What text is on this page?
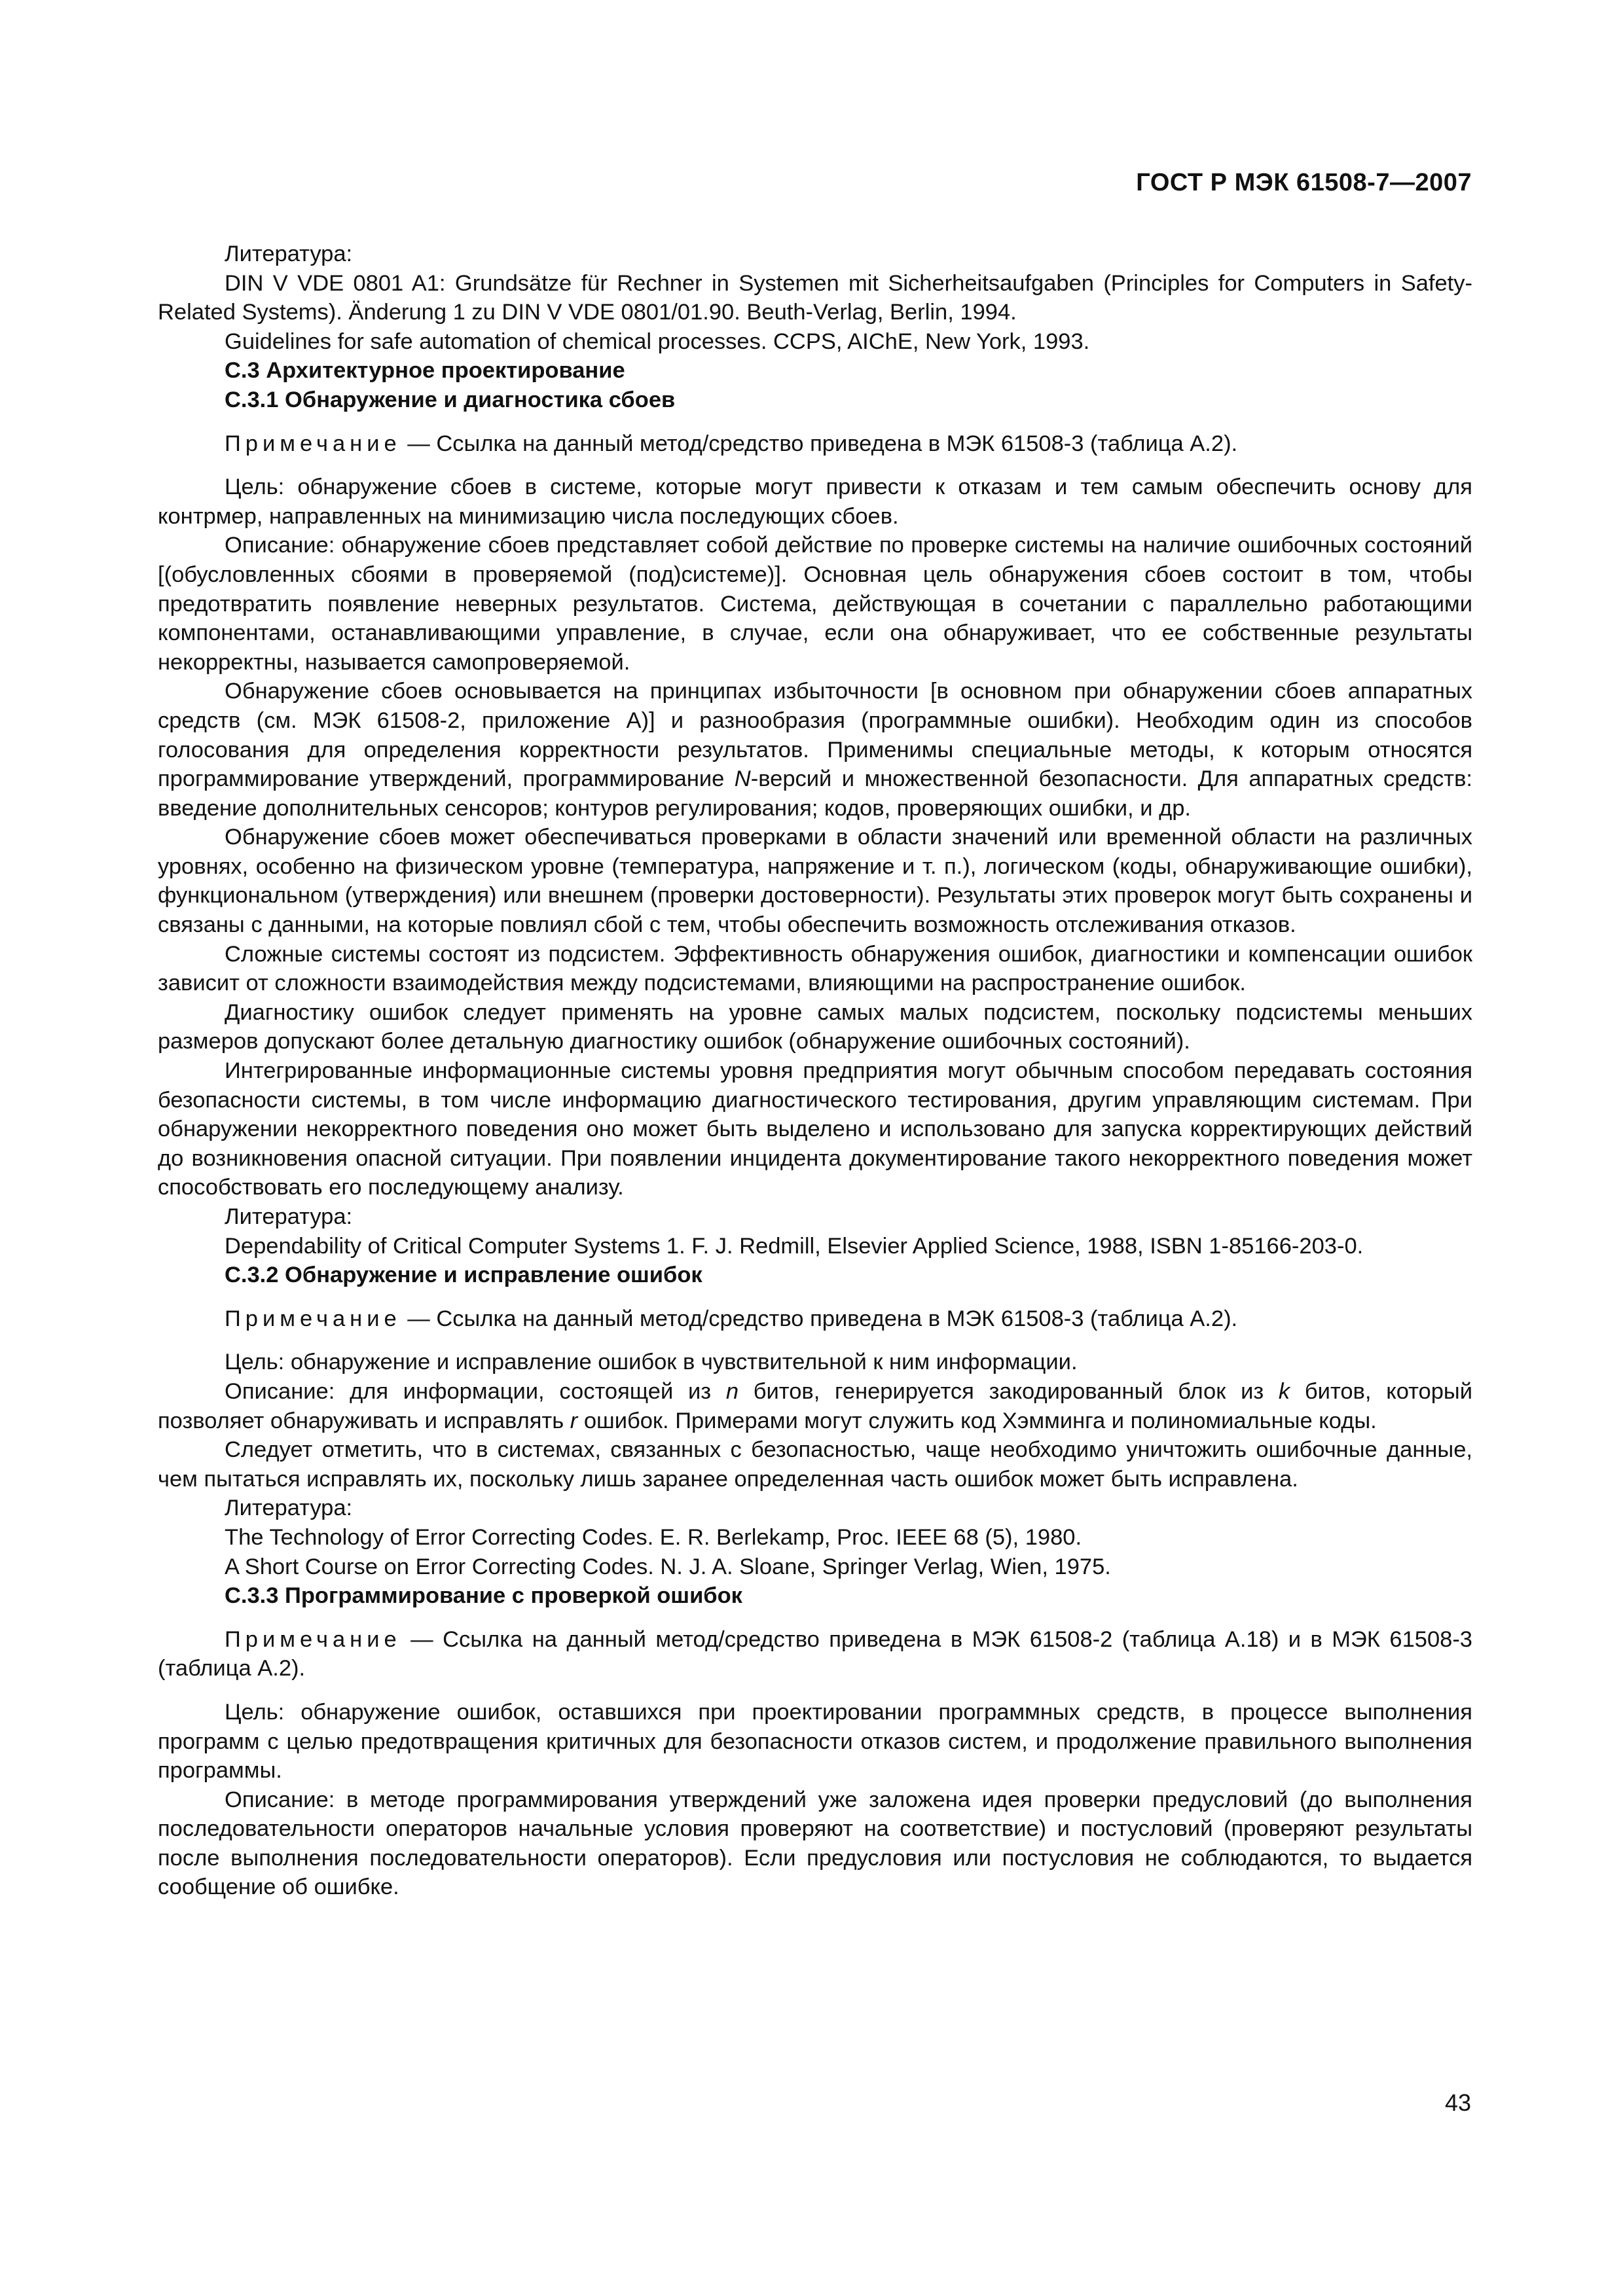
ГОСТ Р МЭК 61508-7—2007

Литература:

DIN V VDE 0801 A1: Grundsätze für Rechner in Systemen mit Sicherheitsaufgaben (Principles for Computers in Safety-Related Systems). Änderung 1 zu DIN V VDE 0801/01.90. Beuth-Verlag, Berlin, 1994.

Guidelines for safe automation of chemical processes. CCPS, AIChE, New York, 1993.

С.3 Архитектурное проектирование
С.3.1 Обнаружение и диагностика сбоев

Примечание — Ссылка на данный метод/средство приведена в МЭК 61508-3 (таблица А.2).

Цель: обнаружение сбоев в системе, которые могут привести к отказам и тем самым обеспечить основу для контрмер, направленных на минимизацию числа последующих сбоев.

Описание: обнаружение сбоев представляет собой действие по проверке системы на наличие ошибочных состояний [(обусловленных сбоями в проверяемой (под)системе)]. Основная цель обнаружения сбоев состоит в том, чтобы предотвратить появление неверных результатов. Система, действующая в сочетании с параллельно работающими компонентами, останавливающими управление, в случае, если она обнаруживает, что ее собственные результаты некорректны, называется самопроверяемой.

Обнаружение сбоев основывается на принципах избыточности [в основном при обнаружении сбоев аппаратных средств (см. МЭК 61508-2, приложение А)] и разнообразия (программные ошибки). Необходим один из способов голосования для определения корректности результатов. Применимы специальные методы, к которым относятся программирование утверждений, программирование N-версий и множественной безопасности. Для аппаратных средств: введение дополнительных сенсоров; контуров регулирования; кодов, проверяющих ошибки, и др.

Обнаружение сбоев может обеспечиваться проверками в области значений или временной области на различных уровнях, особенно на физическом уровне (температура, напряжение и т. п.), логическом (коды, обнаруживающие ошибки), функциональном (утверждения) или внешнем (проверки достоверности). Результаты этих проверок могут быть сохранены и связаны с данными, на которые повлиял сбой с тем, чтобы обеспечить возможность отслеживания отказов.

Сложные системы состоят из подсистем. Эффективность обнаружения ошибок, диагностики и компенсации ошибок зависит от сложности взаимодействия между подсистемами, влияющими на распространение ошибок.

Диагностику ошибок следует применять на уровне самых малых подсистем, поскольку подсистемы меньших размеров допускают более детальную диагностику ошибок (обнаружение ошибочных состояний).

Интегрированные информационные системы уровня предприятия могут обычным способом передавать состояния безопасности системы, в том числе информацию диагностического тестирования, другим управляющим системам. При обнаружении некорректного поведения оно может быть выделено и использовано для запуска корректирующих действий до возникновения опасной ситуации. При появлении инцидента документирование такого некорректного поведения может способствовать его последующему анализу.

Литература:

Dependability of Critical Computer Systems 1. F. J. Redmill, Elsevier Applied Science, 1988, ISBN 1-85166-203-0.

С.3.2 Обнаружение и исправление ошибок

Примечание — Ссылка на данный метод/средство приведена в МЭК 61508-3 (таблица А.2).

Цель: обнаружение и исправление ошибок в чувствительной к ним информации.

Описание: для информации, состоящей из n битов, генерируется закодированный блок из k битов, который позволяет обнаруживать и исправлять r ошибок. Примерами могут служить код Хэмминга и полиномиальные коды.

Следует отметить, что в системах, связанных с безопасностью, чаще необходимо уничтожить ошибочные данные, чем пытаться исправлять их, поскольку лишь заранее определенная часть ошибок может быть исправлена.

Литература:

The Technology of Error Correcting Codes. E. R. Berlekamp, Proc. IEEE 68 (5), 1980.

A Short Course on Error Correcting Codes. N. J. A. Sloane, Springer Verlag, Wien, 1975.

С.3.3 Программирование с проверкой ошибок

Примечание — Ссылка на данный метод/средство приведена в МЭК 61508-2 (таблица А.18) и в МЭК 61508-3 (таблица А.2).

Цель: обнаружение ошибок, оставшихся при проектировании программных средств, в процессе выполнения программ с целью предотвращения критичных для безопасности отказов систем, и продолжение правильного выполнения программы.

Описание: в методе программирования утверждений уже заложена идея проверки предусловий (до выполнения последовательности операторов начальные условия проверяют на соответствие) и постусловий (проверяют результаты после выполнения последовательности операторов). Если предусловия или постусловия не соблюдаются, то выдается сообщение об ошибке.

43
